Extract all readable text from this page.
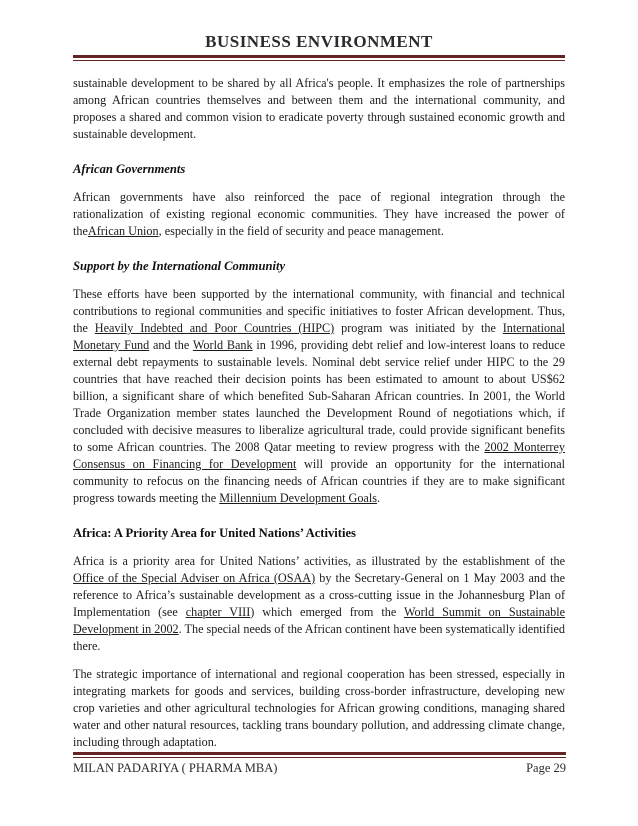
BUSINESS ENVIRONMENT

sustainable development to be shared by all Africa's people. It emphasizes the role of partnerships among African countries themselves and between them and the international community, and proposes a shared and common vision to eradicate poverty through sustained economic growth and sustainable development.

African Governments

African governments have also reinforced the pace of regional integration through the rationalization of existing regional economic communities. They have increased the power of theAfrican Union, especially in the field of security and peace management.

Support by the International Community

These efforts have been supported by the international community, with financial and technical contributions to regional communities and specific initiatives to foster African development. Thus, the Heavily Indebted and Poor Countries (HIPC) program was initiated by the International Monetary Fund and the World Bank in 1996, providing debt relief and low-interest loans to reduce external debt repayments to sustainable levels. Nominal debt service relief under HIPC to the 29 countries that have reached their decision points has been estimated to amount to about US$62 billion, a significant share of which benefited Sub-Saharan African countries. In 2001, the World Trade Organization member states launched the Development Round of negotiations which, if concluded with decisive measures to liberalize agricultural trade, could provide significant benefits to some African countries. The 2008 Qatar meeting to review progress with the 2002 Monterrey Consensus on Financing for Development will provide an opportunity for the international community to refocus on the financing needs of African countries if they are to make significant progress towards meeting the Millennium Development Goals.

Africa: A Priority Area for United Nations’ Activities

Africa is a priority area for United Nations’ activities, as illustrated by the establishment of the Office of the Special Adviser on Africa (OSAA) by the Secretary-General on 1 May 2003 and the reference to Africa’s sustainable development as a cross-cutting issue in the Johannesburg Plan of Implementation (see chapter VIII) which emerged from the World Summit on Sustainable Development in 2002. The special needs of the African continent have been systematically identified there.

The strategic importance of international and regional cooperation has been stressed, especially in integrating markets for goods and services, building cross-border infrastructure, developing new crop varieties and other agricultural technologies for African growing conditions, managing shared water and other natural resources, tackling trans boundary pollution, and addressing climate change, including through adaptation.

MILAN PADARIYA ( PHARMA MBA)	Page 29
